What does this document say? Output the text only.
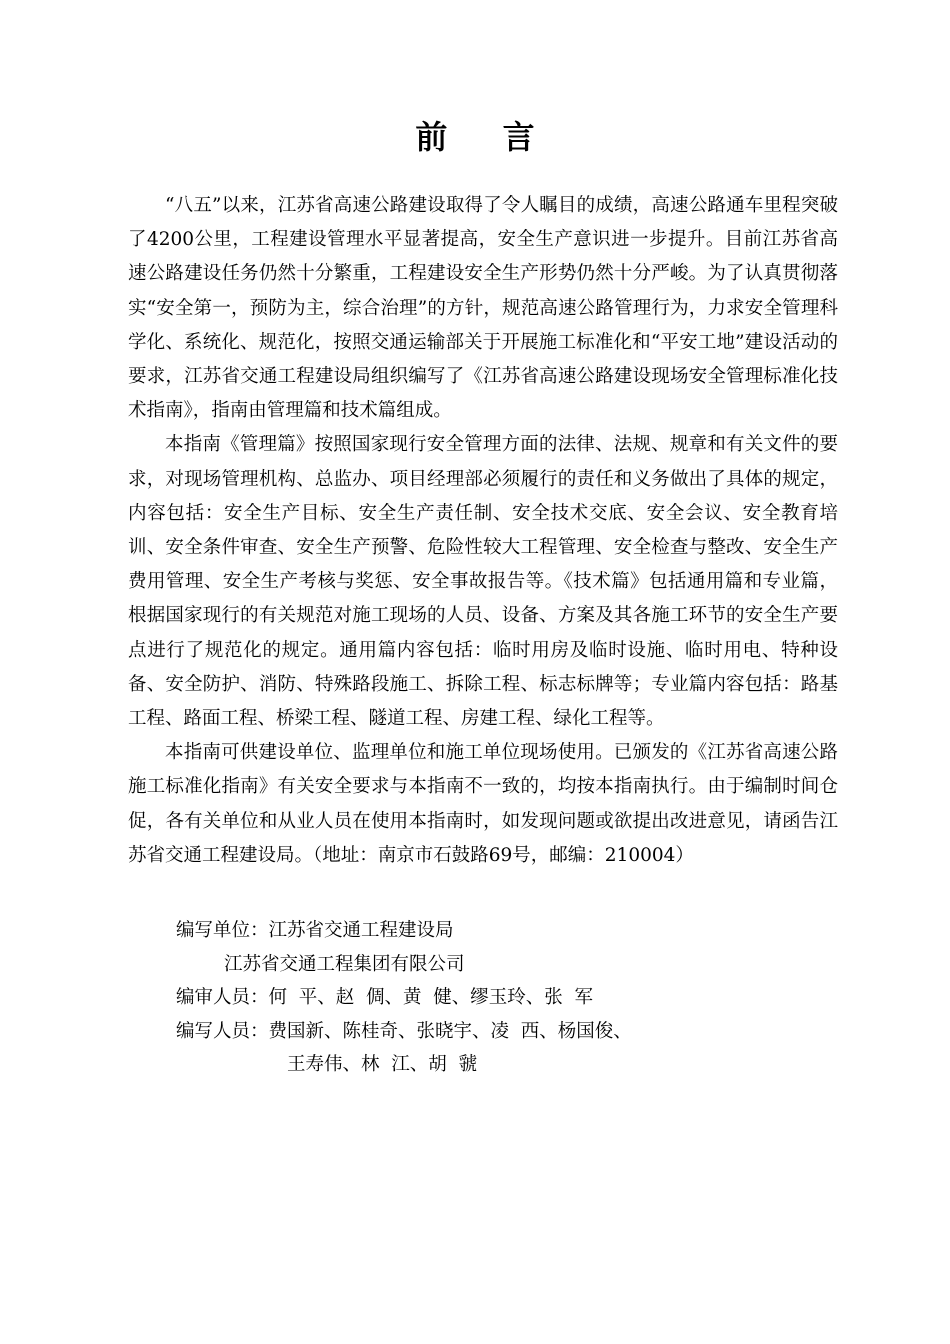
前 言

“八五”以来，江苏省高速公路建设取得了令人瞩目的成绩，高速公路通车里程突破了4200公里，工程建设管理水平显著提高，安全生产意识进一步提升。目前江苏省高速公路建设任务仍然十分繁重，工程建设安全生产形势仍然十分严峻。为了认真贯彻落实“安全第一，预防为主，综合治理”的方针，规范高速公路管理行为，力求安全管理科学化、系统化、规范化，按照交通运输部关于开展施工标准化和“平安工地”建设活动的要求，江苏省交通工程建设局组织编写了《江苏省高速公路建设现场安全管理标准化技术指南》，指南由管理篇和技术篇组成。

本指南《管理篇》按照国家现行安全管理方面的法律、法规、规章和有关文件的要求，对现场管理机构、总监办、项目经理部必须履行的责任和义务做出了具体的规定，内容包括：安全生产目标、安全生产责任制、安全技术交底、安全会议、安全教育培训、安全条件审查、安全生产预警、危险性较大工程管理、安全检查与整改、安全生产费用管理、安全生产考核与奖惩、安全事故报告等。《技术篇》包括通用篇和专业篇，根据国家现行的有关规范对施工现场的人员、设备、方案及其各施工环节的安全生产要点进行了规范化的规定。通用篇内容包括：临时用房及临时设施、临时用电、特种设备、安全防护、消防、特殊路段施工、拆除工程、标志标牌等；专业篇内容包括：路基工程、路面工程、桥梁工程、隧道工程、房建工程、绿化工程等。

本指南可供建设单位、监理单位和施工单位现场使用。已颁发的《江苏省高速公路施工标准化指南》有关安全要求与本指南不一致的，均按本指南执行。由于编制时间仓促，各有关单位和从业人员在使用本指南时，如发现问题或欲提出改进意见，请函告江苏省交通工程建设局。（地址：南京市石鼓路69号，邮编：210004）

编写单位：江苏省交通工程建设局
江苏省交通工程集团有限公司
编审人员：何  平、赵  倜、黄  健、缪玉玲、张  军
编写人员：费国新、陈桂奇、张晓宇、凌  西、杨国俊、
王寿伟、林  江、胡  虢
